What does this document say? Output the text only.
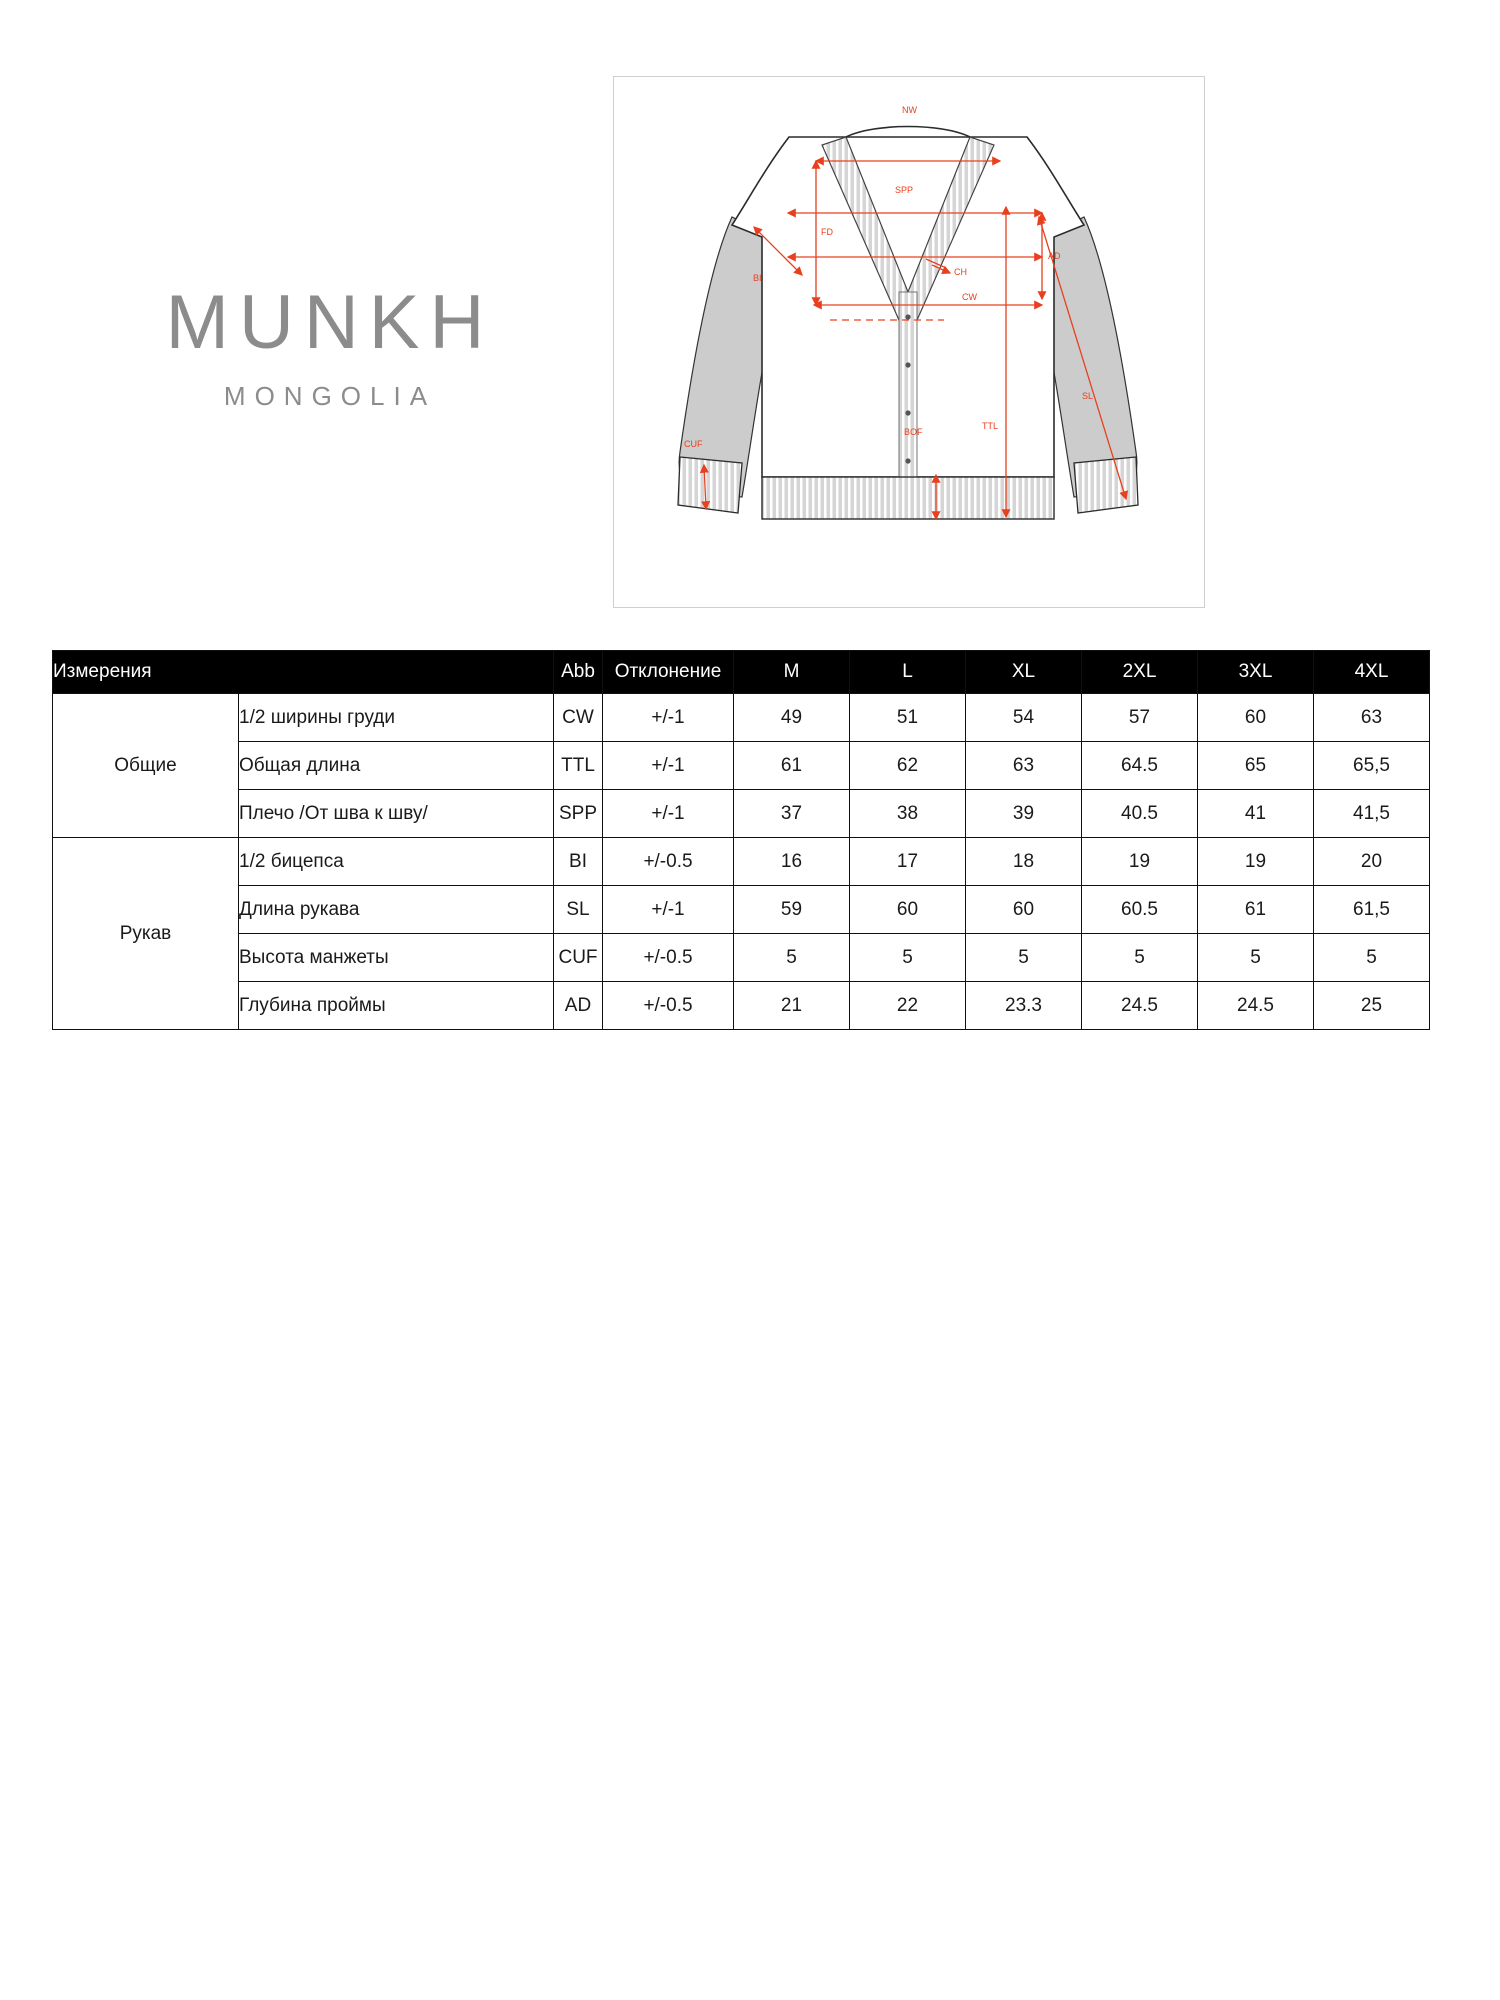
MUNKH
MONGOLIA
NW
SPP
FD
CH
BI
CW
AD
SL
TTL
BOF
CUF
Измерения		Abb	Отклонение	M	L	XL	2XL	3XL	4XL
Общие	1/2 ширины груди	CW	+/-1	49	51	54	57	60	63
	Общая длина	TTL	+/-1	61	62	63	64.5	65	65,5
	Плечо /От шва к шву/	SPP	+/-1	37	38	39	40.5	41	41,5
Рукав	1/2 бицепса	BI	+/-0.5	16	17	18	19	19	20
	Длина рукава	SL	+/-1	59	60	60	60.5	61	61,5
	Высота манжеты	CUF	+/-0.5	5	5	5	5	5	5
	Глубина проймы	AD	+/-0.5	21	22	23.3	24.5	24.5	25
